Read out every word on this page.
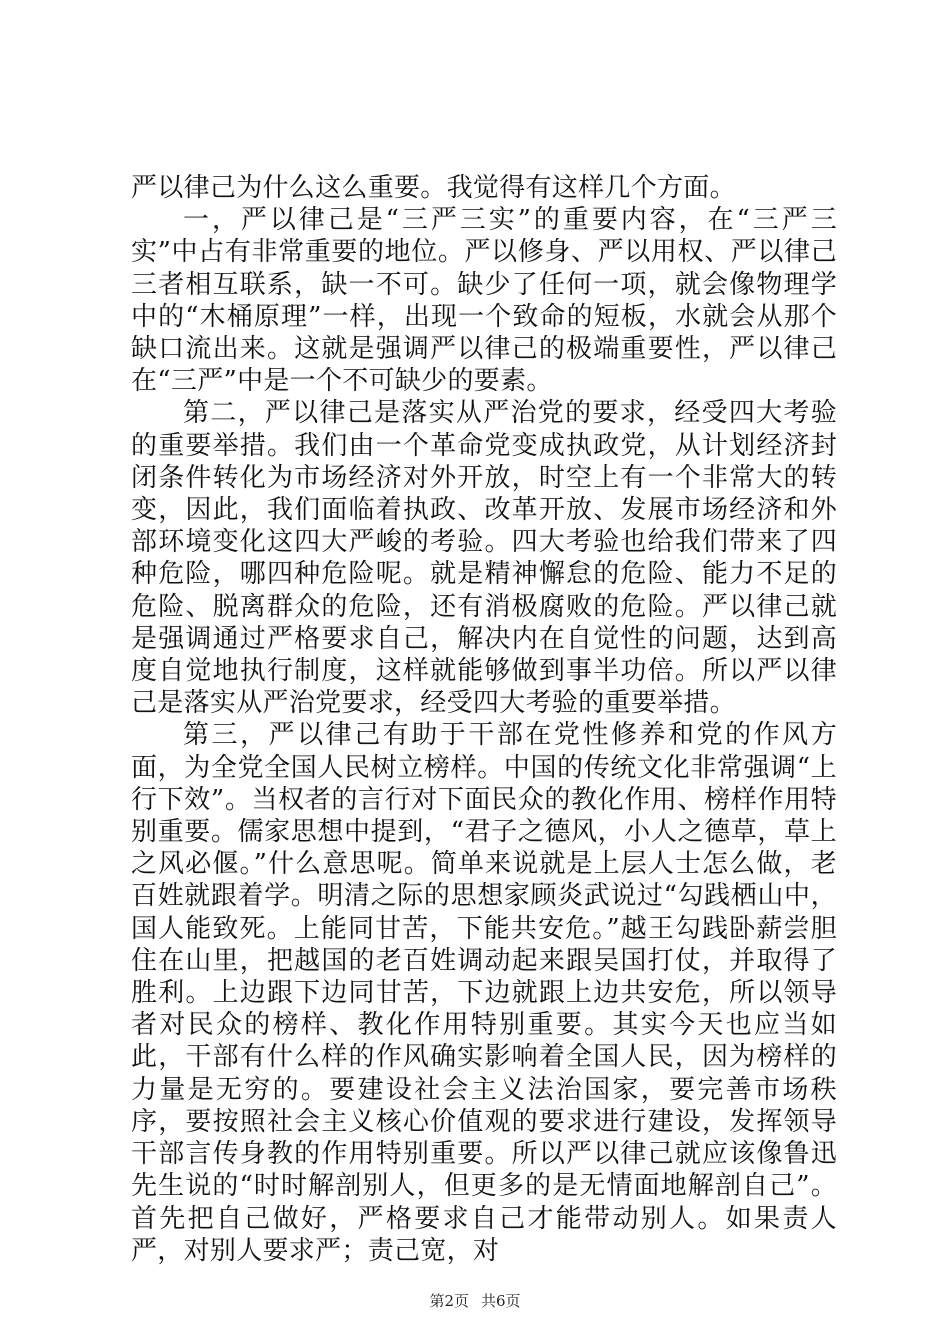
严以律己为什么这么重要。我觉得有这样几个方面。

一，严以律己是“三严三实”的重要内容，在“三严三实”中占有非常重要的地位。严以修身、严以用权、严以律己三者相互联系，缺一不可。缺少了任何一项，就会像物理学中的“木桶原理”一样，出现一个致命的短板，水就会从那个缺口流出来。这就是强调严以律己的极端重要性，严以律己在“三严”中是一个不可缺少的要素。

第二，严以律己是落实从严治党的要求，经受四大考验的重要举措。我们由一个革命党变成执政党，从计划经济封闭条件转化为市场经济对外开放，时空上有一个非常大的转变，因此，我们面临着执政、改革开放、发展市场经济和外部环境变化这四大严峻的考验。四大考验也给我们带来了四种危险，哪四种危险呢。就是精神懈怠的危险、能力不足的危险、脱离群众的危险，还有消极腐败的危险。严以律己就是强调通过严格要求自己，解决内在自觉性的问题，达到高度自觉地执行制度，这样就能够做到事半功倍。所以严以律己是落实从严治党要求，经受四大考验的重要举措。

第三，严以律己有助于干部在党性修养和党的作风方面，为全党全国人民树立榜样。中国的传统文化非常强调“上行下效”。当权者的言行对下面民众的教化作用、榜样作用特别重要。儒家思想中提到，“君子之德风，小人之德草，草上之风必偃。”什么意思呢。简单来说就是上层人士怎么做，老百姓就跟着学。明清之际的思想家顾炎武说过“勾践栖山中，国人能致死。上能同甘苦，下能共安危。”越王勾践卧薪尝胆住在山里，把越国的老百姓调动起来跟吴国打仗，并取得了胜利。上边跟下边同甘苦，下边就跟上边共安危，所以领导者对民众的榜样、教化作用特别重要。其实今天也应当如此，干部有什么样的作风确实影响着全国人民，因为榜样的力量是无穷的。要建设社会主义法治国家，要完善市场秩序，要按照社会主义核心价值观的要求进行建设，发挥领导干部言传身教的作用特别重要。所以严以律己就应该像鲁迅先生说的“时时解剖别人，但更多的是无情面地解剖自己”。首先把自己做好，严格要求自己才能带动别人。如果责人严，对别人要求严；责己宽，对

第2页 共6页
